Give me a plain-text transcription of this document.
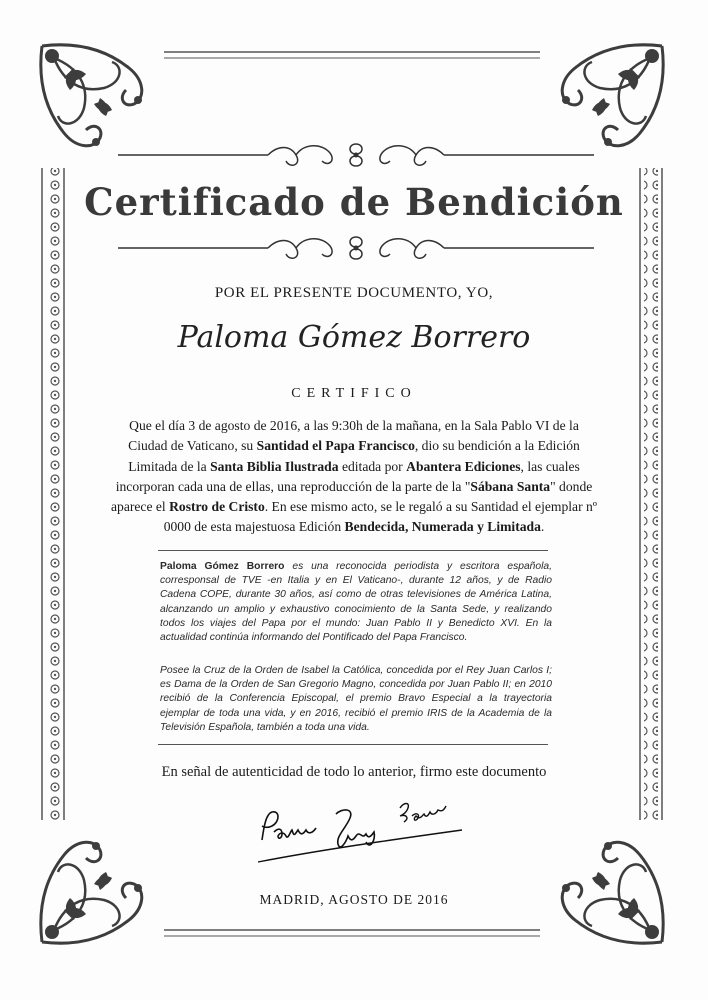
Certificado de Bendición
POR EL PRESENTE DOCUMENTO, YO,
Paloma Gómez Borrero
CERTIFICO
Que el día 3 de agosto de 2016, a las 9:30h de la mañana, en la Sala Pablo VI de la Ciudad de Vaticano, su Santidad el Papa Francisco, dio su bendición a la Edición Limitada de la Santa Biblia Ilustrada editada por Abantera Ediciones, las cuales incorporan cada una de ellas, una reproducción de la parte de la "Sábana Santa" donde aparece el Rostro de Cristo. En ese mismo acto, se le regaló a su Santidad el ejemplar nº 0000 de esta majestuosa Edición Bendecida, Numerada y Limitada.
Paloma Gómez Borrero es una reconocida periodista y escritora española, corresponsal de TVE -en Italia y en El Vaticano-, durante 12 años, y de Radio Cadena COPE, durante 30 años, así como de otras televisiones de América Latina, alcanzando un amplio y exhaustivo conocimiento de la Santa Sede, y realizando todos los viajes del Papa por el mundo: Juan Pablo II y Benedicto XVI. En la actualidad continúa informando del Pontificado del Papa Francisco.
Posee la Cruz de la Orden de Isabel la Católica, concedida por el Rey Juan Carlos I; es Dama de la Orden de San Gregorio Magno, concedida por Juan Pablo II; en 2010 recibió de la Conferencia Episcopal, el premio Bravo Especial a la trayectoria ejemplar de toda una vida, y en 2016, recibió el premio IRIS de la Academia de la Televisión Española, también a toda una vida.
En señal de autenticidad de todo lo anterior, firmo este documento
MADRID, AGOSTO DE 2016
